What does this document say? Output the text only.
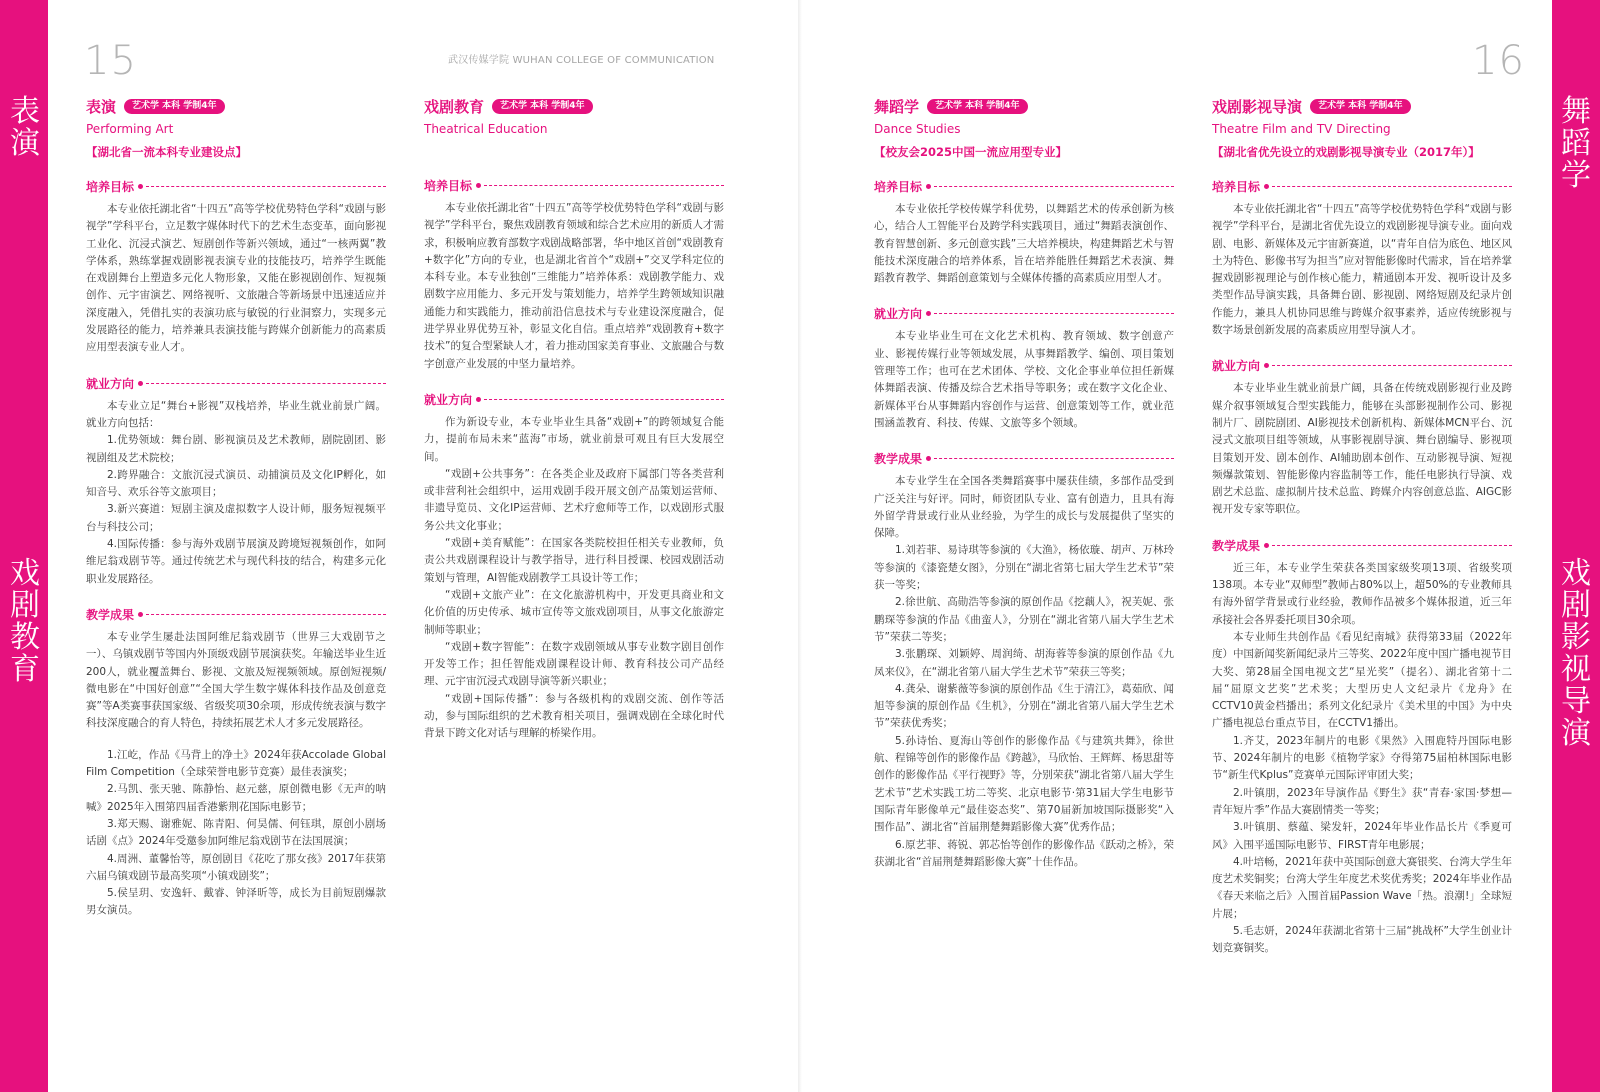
表演
戏剧教育
舞蹈学
戏剧影视导演
15	16
武汉传媒学院 WUHAN COLLEGE OF COMMUNICATION
表演	艺术学 本科 学制4年
Performing Art
【湖北省一流本科专业建设点】
培养目标

本专业依托湖北省“十四五”高等学校优势特色学科“戏剧与影视学”学科平台，立足数字媒体时代下的艺术生态变革，面向影视工业化、沉浸式演艺、短剧创作等新兴领域，通过“一核两翼”教学体系，熟练掌握戏剧影视表演专业的技能技巧，培养学生既能在戏剧舞台上塑造多元化人物形象，又能在影视剧创作、短视频创作、元宇宙演艺、网络视听、文旅融合等新场景中迅速适应并深度融入，凭借扎实的表演功底与敏锐的行业洞察力，实现多元发展路径的能力，培养兼具表演技能与跨媒介创新能力的高素质应用型表演专业人才。

就业方向

本专业立足“舞台+影视”双栈培养，毕业生就业前景广阔。就业方向包括：

1.优势领域：舞台剧、影视演员及艺术教师，剧院剧团、影视剧组及艺术院校；

2.跨界融合：文旅沉浸式演员、动捕演员及文化IP孵化，如知音号、欢乐谷等文旅项目；

3.新兴赛道：短剧主演及虚拟数字人设计师，服务短视频平台与科技公司；

4.国际传播：参与海外戏剧节展演及跨境短视频创作，如阿维尼翁戏剧节等。通过传统艺术与现代科技的结合，构建多元化职业发展路径。

教学成果

本专业学生屡赴法国阿维尼翁戏剧节（世界三大戏剧节之一）、乌镇戏剧节等国内外顶级戏剧节展演获奖。年输送毕业生近200人，就业覆盖舞台、影视、文旅及短视频领域。原创短视频/微电影在“中国好创意”“全国大学生数字媒体科技作品及创意竞赛”等A类赛事获国家级、省级奖项30余项，形成传统表演与数字科技深度融合的育人特色，持续拓展艺术人才多元发展路径。

1.江屹，作品《马背上的净土》2024年获Accolade Global Film Competition（全球荣誉电影节竞赛）最佳表演奖；

2.马凯、张天驰、陈静怡、赵元慈，原创微电影《无声的呐喊》2025年入围第四届香港紫荆花国际电影节；

3.郑天赐、谢雅妮、陈青阳、何昊儒、何钰琪，原创小剧场话剧《点》2024年受邀参加阿维尼翁戏剧节在法国展演；

4.周洲、董馨怡等，原创剧目《花吃了那女孩》2017年获第六届乌镇戏剧节最高奖项“小镇戏剧奖”；

5.侯呈玥、安逸轩、戴睿、钟泽昕等，成长为目前短剧爆款男女演员。

戏剧教育	艺术学 本科 学制4年
Theatrical Education
培养目标

本专业依托湖北省“十四五”高等学校优势特色学科“戏剧与影视学”学科平台，聚焦戏剧教育领域和综合艺术应用的新质人才需求，积极响应教育部数字戏剧战略部署，华中地区首创“戏剧教育+数字化”方向的专业，也是湖北省首个“戏剧+”交叉学科定位的本科专业。本专业独创“三维能力”培养体系：戏剧教学能力、戏剧数字应用能力、多元开发与策划能力，培养学生跨领域知识融通能力和实践能力，推动前沿信息技术与专业建设深度融合，促进学界业界优势互补，彰显文化自信。重点培养“戏剧教育+数字技术”的复合型紧缺人才，着力推动国家美育事业、文旅融合与数字创意产业发展的中坚力量培养。

就业方向

作为新设专业，本专业毕业生具备“戏剧+”的跨领域复合能力，提前布局未来“蓝海”市场，就业前景可观且有巨大发展空间。

“戏剧+公共事务”：在各类企业及政府下属部门等各类营利或非营利社会组织中，运用戏剧手段开展文创产品策划运营师、非遗导览员、文化IP运营师、艺术疗愈师等工作，以戏剧形式服务公共文化事业；

“戏剧+美育赋能”：在国家各类院校担任相关专业教师，负责公共戏剧课程设计与教学指导，进行科目授课、校园戏剧活动策划与管理，AI智能戏剧教学工具设计等工作；

“戏剧+文旅产业”：在文化旅游机构中，开发更具商业和文化价值的历史传承、城市宣传等文旅戏剧项目，从事文化旅游定制师等职业；

“戏剧+数字智能”：在数字戏剧领域从事专业数字剧目创作开发等工作；担任智能戏剧课程设计师、教育科技公司产品经理、元宇宙沉浸式戏剧导演等新兴职业；

“戏剧+国际传播”：参与各级机构的戏剧交流、创作等活动，参与国际组织的艺术教育相关项目，强调戏剧在全球化时代背景下跨文化对话与理解的桥梁作用。

舞蹈学	艺术学 本科 学制4年
Dance Studies
【校友会2025中国一流应用型专业】
培养目标

本专业依托学校传媒学科优势，以舞蹈艺术的传承创新为核心，结合人工智能平台及跨学科实践项目，通过“舞蹈表演创作、教育智慧创新、多元创意实践”三大培养模块，构建舞蹈艺术与智能技术深度融合的培养体系，旨在培养能胜任舞蹈艺术表演、舞蹈教育教学、舞蹈创意策划与全媒体传播的高素质应用型人才。

就业方向

本专业毕业生可在文化艺术机构、教育领域、数字创意产业、影视传媒行业等领域发展，从事舞蹈教学、编创、项目策划管理等工作；也可在艺术团体、学校、文化企事业单位担任新媒体舞蹈表演、传播及综合艺术指导等职务；或在数字文化企业、新媒体平台从事舞蹈内容创作与运营、创意策划等工作，就业范围涵盖教育、科技、传媒、文旅等多个领域。

教学成果

本专业学生在全国各类舞蹈赛事中屡获佳绩，多部作品受到广泛关注与好评。同时，师资团队专业、富有创造力，且具有海外留学背景或行业从业经验，为学生的成长与发展提供了坚实的保障。

1.刘若菲、易诗琪等参演的《大渔》，杨依璇、胡声、万林玲等参演的《漆瓷楚女图》，分别在“湖北省第七届大学生艺术节”荣获一等奖；

2.徐世航、高勋浩等参演的原创作品《挖藕人》，祝芙妮、张鹏琛等参演的作品《曲蛮人》，分别在“湖北省第八届大学生艺术节”荣获二等奖；

3.张鹏琛、刘颖婷、周润绮、胡海蓉等参演的原创作品《九凤来仪》，在“湖北省第八届大学生艺术节”荣获三等奖；

4.龚朵、谢紫薇等参演的原创作品《生于清江》，葛茹欣、闻旭等参演的原创作品《生机》，分别在“湖北省第八届大学生艺术节”荣获优秀奖；

5.孙诗怡、夏海山等创作的影像作品《与建筑共舞》，徐世航、程锦等创作的影像作品《跨越》，马欣怡、王辉辉、杨思甜等创作的影像作品《平行视野》等，分别荣获“湖北省第八届大学生艺术节”艺术实践工坊二等奖、北京电影节·第31届大学生电影节国际青年影像单元“最佳姿态奖”、第70届新加坡国际摄影奖“入围作品”、湖北省“首届荆楚舞蹈影像大赛”优秀作品；

6.原艺菲、蒋锐、郭芯怡等创作的影像作品《跃动之桥》，荣获湖北省“首届荆楚舞蹈影像大赛”十佳作品。

戏剧影视导演	艺术学 本科 学制4年
Theatre Film and TV Directing
【湖北省优先设立的戏剧影视导演专业（2017年）】
培养目标

本专业依托湖北省“十四五”高等学校优势特色学科“戏剧与影视学”学科平台，是湖北省优先设立的戏剧影视导演专业。面向戏剧、电影、新媒体及元宇宙新赛道，以“青年自信为底色、地区风土为特色、影像书写为担当”应对智能影像时代需求，旨在培养掌握戏剧影视理论与创作核心能力，精通剧本开发、视听设计及多类型作品导演实践，具备舞台剧、影视剧、网络短剧及纪录片创作能力，兼具人机协同思维与跨媒介叙事素养，适应传统影视与数字场景创新发展的高素质应用型导演人才。

就业方向

本专业毕业生就业前景广阔，具备在传统戏剧影视行业及跨媒介叙事领域复合型实践能力，能够在头部影视制作公司、影视制片厂、剧院剧团、AI影视技术创新机构、新媒体MCN平台、沉浸式文旅项目组等领域，从事影视剧导演、舞台剧编导、影视项目策划开发、剧本创作、AI辅助剧本创作、互动影视导演、短视频爆款策划、智能影像内容监制等工作，能任电影执行导演、戏剧艺术总监、虚拟制片技术总监、跨媒介内容创意总监、AIGC影视开发专家等职位。

教学成果

近三年，本专业学生荣获各类国家级奖项13项、省级奖项138项。本专业“双师型”教师占80%以上，超50%的专业教师具有海外留学背景或行业经验，教师作品被多个媒体报道，近三年承接社会各界委托项目30余项。

本专业师生共创作品《看见纪南城》获得第33届（2022年度）中国新闻奖新闻纪录片三等奖、2022年度中国广播电视节目大奖、第28届全国电视文艺“星光奖”（提名）、湖北省第十二届“屈原文艺奖”艺术奖；大型历史人文纪录片《龙舟》在CCTV10黄金档播出；系列文化纪录片《美术里的中国》为中央广播电视总台重点节目，在CCTV1播出。

1.齐艾，2023年制片的电影《果然》入围鹿特丹国际电影节、2024年制片的电影《植物学家》夺得第75届柏林国际电影节“新生代Kplus”竞赛单元国际评审团大奖；

2.叶镇朋，2023年导演作品《野生》获“青春·家国·梦想—青年短片季”作品大赛剧情类一等奖；

3.叶镇朋、蔡蕴、梁发轩，2024年毕业作品长片《季夏可风》入围平遥国际电影节、FIRST青年电影展；

4.叶培畅，2021年获中英国际创意大赛银奖、台湾大学生年度艺术奖铜奖；台湾大学生年度艺术奖优秀奖；2024年毕业作品《春天来临之后》入围首届Passion Wave「热。浪潮!」全球短片展；

5.毛志妍，2024年获湖北省第十三届“挑战杯”大学生创业计划竞赛铜奖。
